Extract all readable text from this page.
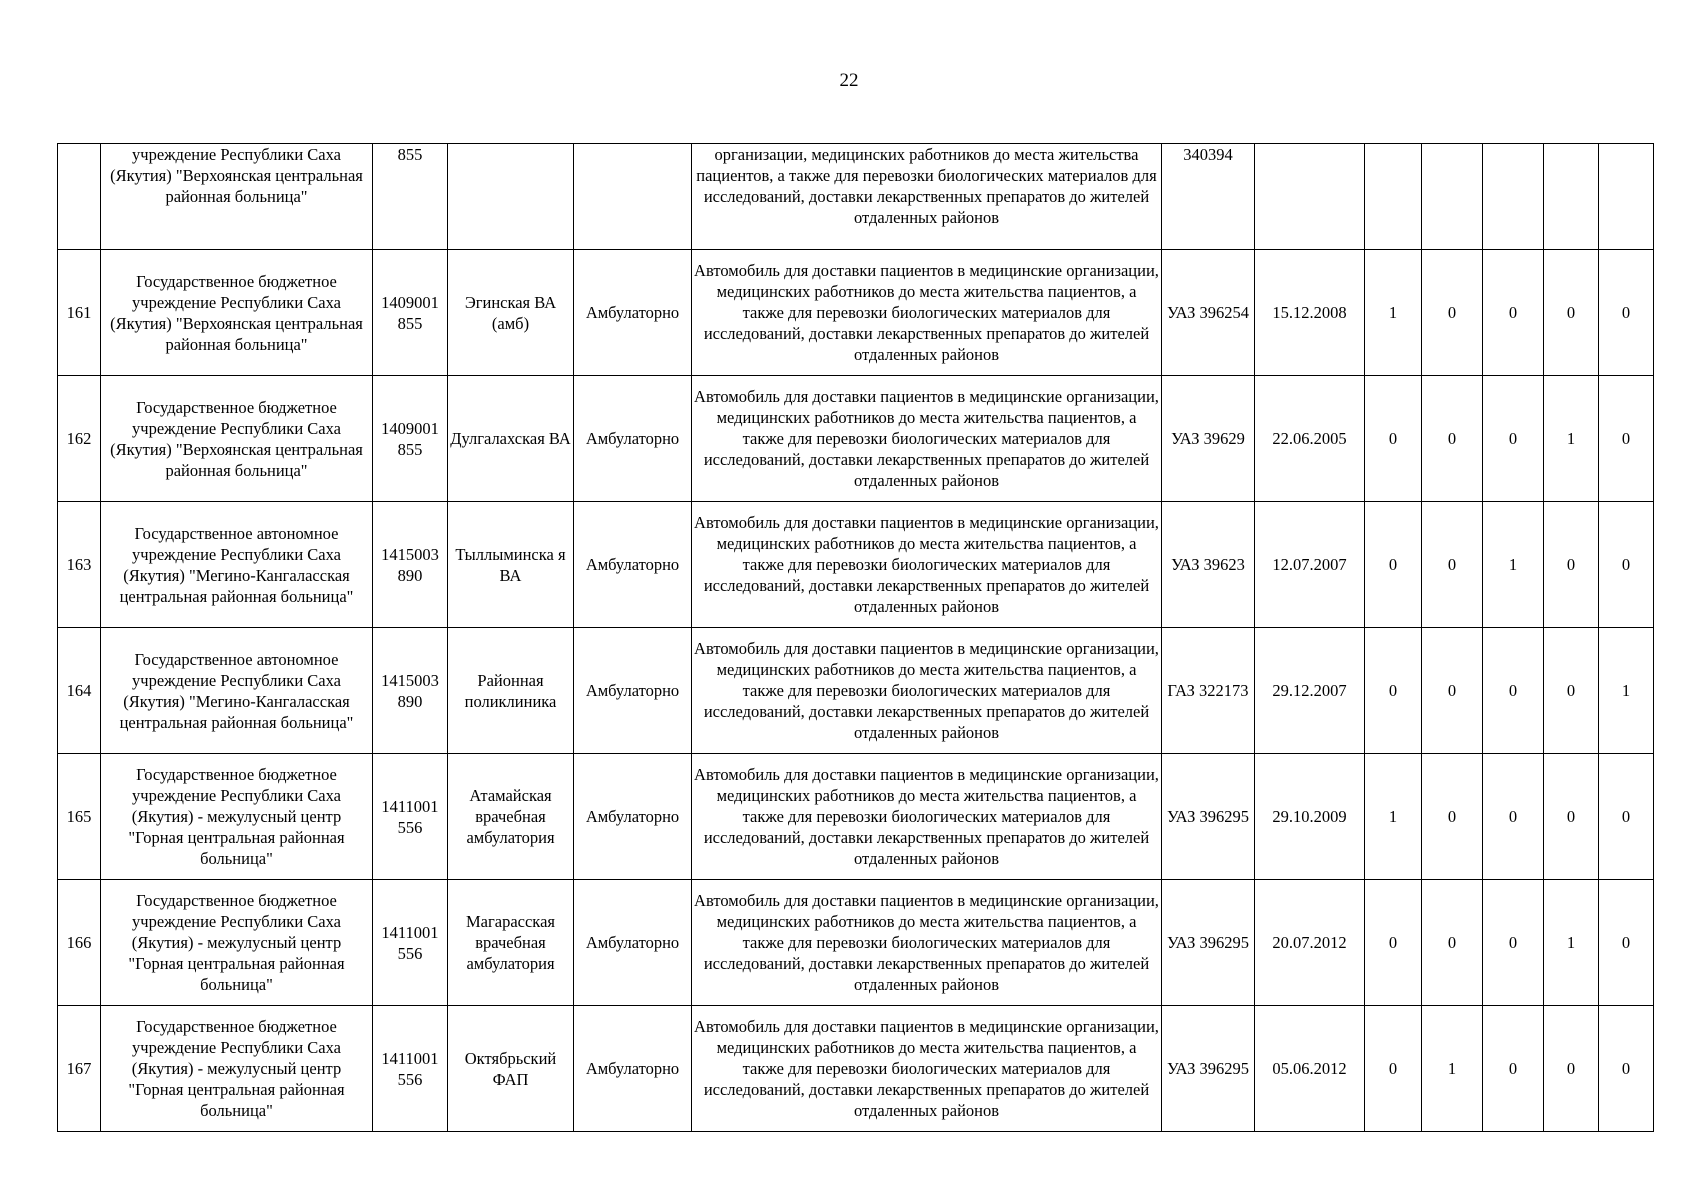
22
	учреждение Республики Саха (Якутия) "Верхоянская центральная районная больница"	855			организации, медицинских работников до места жительства пациентов, а также для перевозки биологических материалов для исследований, доставки лекарственных препаратов до жителей отдаленных районов	340394						
161	Государственное бюджетное учреждение Республики Саха (Якутия) "Верхоянская центральная районная больница"	1409001 855	Эгинская ВА (амб)	Амбулаторно	Автомобиль для доставки пациентов в медицинские организации, медицинских работников до места жительства пациентов, а также для перевозки биологических материалов для исследований, доставки лекарственных препаратов до жителей отдаленных районов	УАЗ 396254	15.12.2008	1	0	0	0	0
162	Государственное бюджетное учреждение Республики Саха (Якутия) "Верхоянская центральная районная больница"	1409001 855	Дулгалахская ВА	Амбулаторно	Автомобиль для доставки пациентов в медицинские организации, медицинских работников до места жительства пациентов, а также для перевозки биологических материалов для исследований, доставки лекарственных препаратов до жителей отдаленных районов	УАЗ 39629	22.06.2005	0	0	0	1	0
163	Государственное автономное учреждение Республики Саха (Якутия) "Мегино-Кангаласская центральная районная больница"	1415003 890	Тыллыминска я ВА	Амбулаторно	Автомобиль для доставки пациентов в медицинские организации, медицинских работников до места жительства пациентов, а также для перевозки биологических материалов для исследований, доставки лекарственных препаратов до жителей отдаленных районов	УАЗ 39623	12.07.2007	0	0	1	0	0
164	Государственное автономное учреждение Республики Саха (Якутия) "Мегино-Кангаласская центральная районная больница"	1415003 890	Районная поликлиника	Амбулаторно	Автомобиль для доставки пациентов в медицинские организации, медицинских работников до места жительства пациентов, а также для перевозки биологических материалов для исследований, доставки лекарственных препаратов до жителей отдаленных районов	ГАЗ 322173	29.12.2007	0	0	0	0	1
165	Государственное бюджетное учреждение Республики Саха (Якутия) - межулусный центр "Горная центральная районная больница"	1411001 556	Атамайская врачебная амбулатория	Амбулаторно	Автомобиль для доставки пациентов в медицинские организации, медицинских работников до места жительства пациентов, а также для перевозки биологических материалов для исследований, доставки лекарственных препаратов до жителей отдаленных районов	УАЗ 396295	29.10.2009	1	0	0	0	0
166	Государственное бюджетное учреждение Республики Саха (Якутия) - межулусный центр "Горная центральная районная больница"	1411001 556	Магарасская врачебная амбулатория	Амбулаторно	Автомобиль для доставки пациентов в медицинские организации, медицинских работников до места жительства пациентов, а также для перевозки биологических материалов для исследований, доставки лекарственных препаратов до жителей отдаленных районов	УАЗ 396295	20.07.2012	0	0	0	1	0
167	Государственное бюджетное учреждение Республики Саха (Якутия) - межулусный центр "Горная центральная районная больница"	1411001 556	Октябрьский ФАП	Амбулаторно	Автомобиль для доставки пациентов в медицинские организации, медицинских работников до места жительства пациентов, а также для перевозки биологических материалов для исследований, доставки лекарственных препаратов до жителей отдаленных районов	УАЗ 396295	05.06.2012	0	1	0	0	0
